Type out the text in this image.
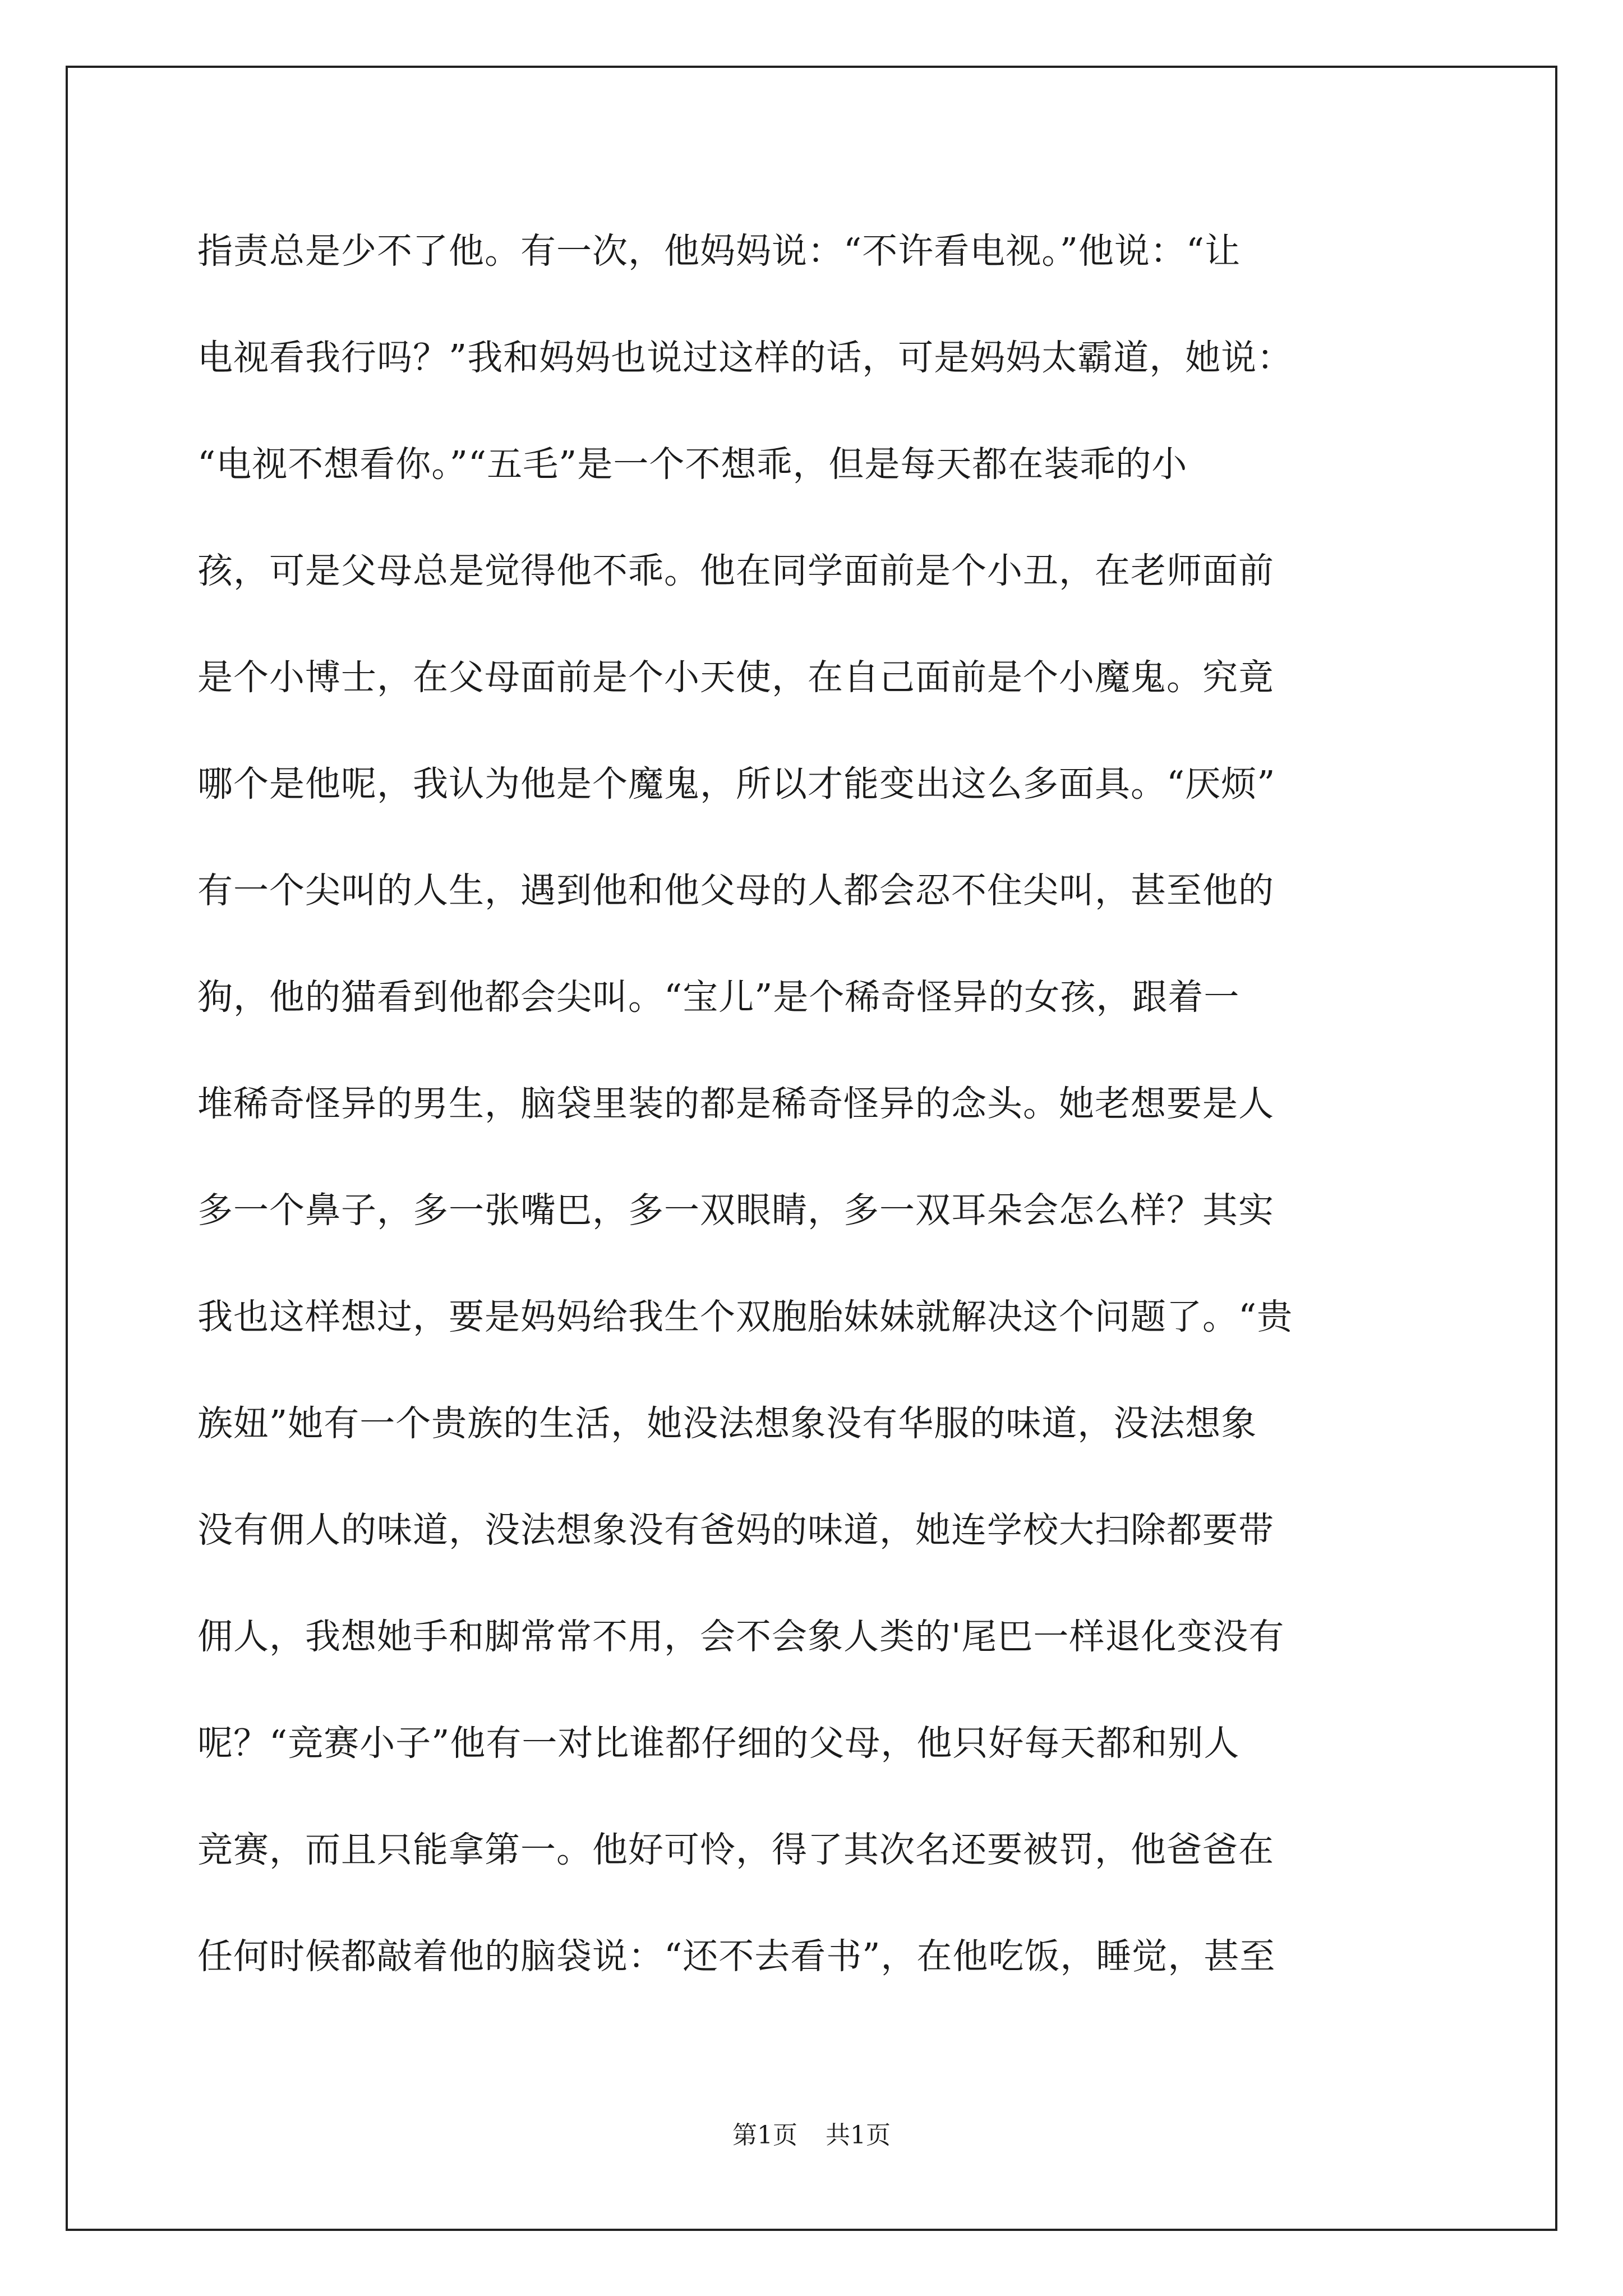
指责总是少不了他。有一次，他妈妈说：“不许看电视。”他说：“让
电视看我行吗？”我和妈妈也说过这样的话，可是妈妈太霸道，她说：
“电视不想看你。”“五毛”是一个不想乖，但是每天都在装乖的小
孩，可是父母总是觉得他不乖。他在同学面前是个小丑，在老师面前
是个小博士，在父母面前是个小天使，在自己面前是个小魔鬼。究竟
哪个是他呢，我认为他是个魔鬼，所以才能变出这么多面具。“厌烦”
有一个尖叫的人生，遇到他和他父母的人都会忍不住尖叫，甚至他的
狗，他的猫看到他都会尖叫。“宝儿”是个稀奇怪异的女孩，跟着一
堆稀奇怪异的男生，脑袋里装的都是稀奇怪异的念头。她老想要是人
多一个鼻子，多一张嘴巴，多一双眼睛，多一双耳朵会怎么样？其实
我也这样想过，要是妈妈给我生个双胞胎妹妹就解决这个问题了。“贵
族妞”她有一个贵族的生活，她没法想象没有华服的味道，没法想象
没有佣人的味道，没法想象没有爸妈的味道，她连学校大扫除都要带
佣人，我想她手和脚常常不用，会不会象人类的'尾巴一样退化变没有
呢？“竞赛小子”他有一对比谁都仔细的父母，他只好每天都和别人
竞赛，而且只能拿第一。他好可怜，得了其次名还要被罚，他爸爸在
任何时候都敲着他的脑袋说：“还不去看书”，在他吃饭，睡觉，甚至
第1页 共1页
